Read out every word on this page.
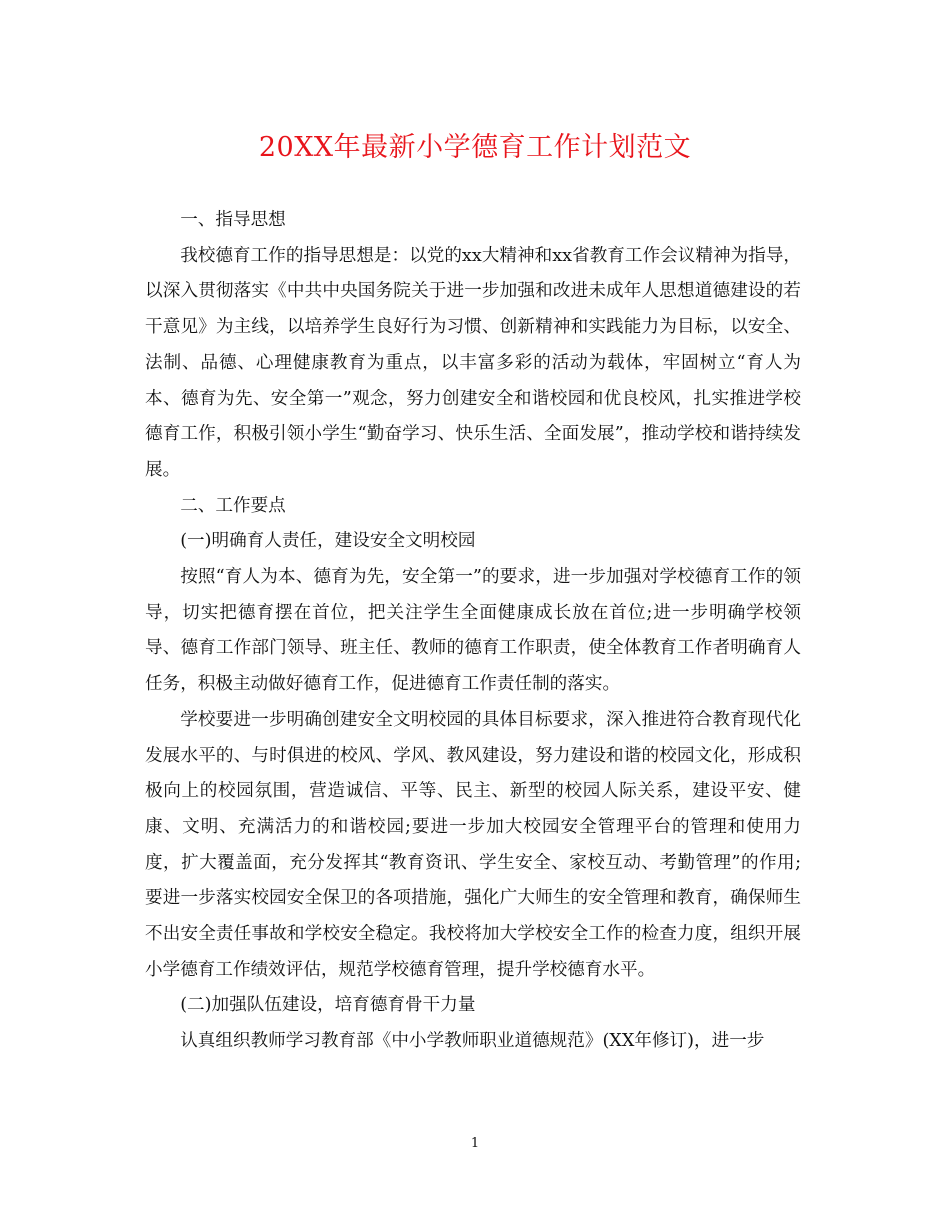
20XX年最新小学德育工作计划范文

一、指导思想

我校德育工作的指导思想是：以党的xx大精神和xx省教育工作会议精神为指导，以深入贯彻落实《中共中央国务院关于进一步加强和改进未成年人思想道德建设的若干意见》为主线，以培养学生良好行为习惯、创新精神和实践能力为目标，以安全、法制、品德、心理健康教育为重点，以丰富多彩的活动为载体，牢固树立“育人为本、德育为先、安全第一”观念，努力创建安全和谐校园和优良校风，扎实推进学校德育工作，积极引领小学生“勤奋学习、快乐生活、全面发展”，推动学校和谐持续发展。

二、工作要点

(一)明确育人责任，建设安全文明校园

按照“育人为本、德育为先，安全第一”的要求，进一步加强对学校德育工作的领导，切实把德育摆在首位，把关注学生全面健康成长放在首位;进一步明确学校领导、德育工作部门领导、班主任、教师的德育工作职责，使全体教育工作者明确育人任务，积极主动做好德育工作，促进德育工作责任制的落实。

学校要进一步明确创建安全文明校园的具体目标要求，深入推进符合教育现代化发展水平的、与时俱进的校风、学风、教风建设，努力建设和谐的校园文化，形成积极向上的校园氛围，营造诚信、平等、民主、新型的校园人际关系，建设平安、健康、文明、充满活力的和谐校园;要进一步加大校园安全管理平台的管理和使用力度，扩大覆盖面，充分发挥其“教育资讯、学生安全、家校互动、考勤管理”的作用;要进一步落实校园安全保卫的各项措施，强化广大师生的安全管理和教育，确保师生不出安全责任事故和学校安全稳定。我校将加大学校安全工作的检查力度，组织开展小学德育工作绩效评估，规范学校德育管理，提升学校德育水平。

(二)加强队伍建设，培育德育骨干力量

认真组织教师学习教育部《中小学教师职业道德规范》(XX年修订)，进一步

1
